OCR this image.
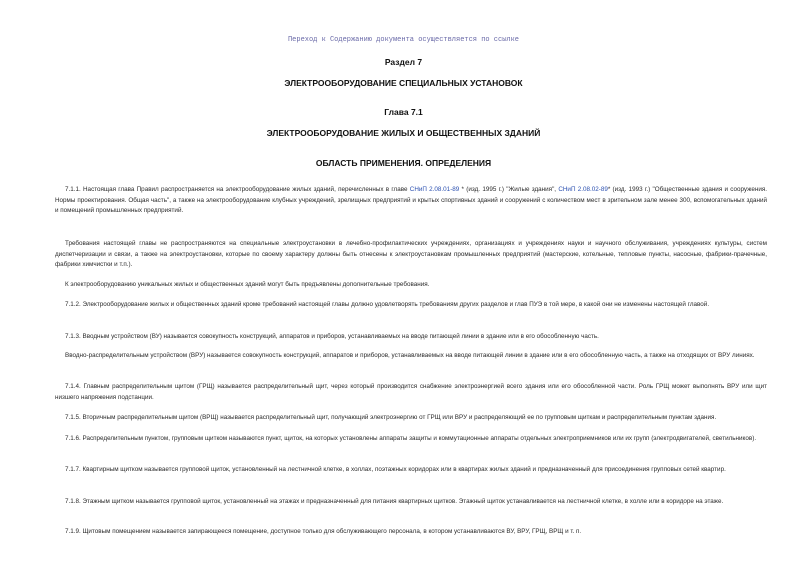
Переход к Содержанию документа осуществляется по ссылке
Раздел 7
ЭЛЕКТРООБОРУДОВАНИЕ СПЕЦИАЛЬНЫХ УСТАНОВОК
Глава 7.1
ЭЛЕКТРООБОРУДОВАНИЕ ЖИЛЫХ И ОБЩЕСТВЕННЫХ ЗДАНИЙ
ОБЛАСТЬ ПРИМЕНЕНИЯ. ОПРЕДЕЛЕНИЯ
7.1.1. Настоящая глава Правил распространяется на электрооборудование жилых зданий, перечисленных в главе СНиП 2.08.01-89 * (изд. 1995 г.) "Жилые здания", СНиП 2.08.02-89* (изд. 1993 г.) "Общественные здания и сооружения. Нормы проектирования. Общая часть", а также на электрооборудование клубных учреждений, зрелищных предприятий и крытых спортивных зданий и сооружений с количеством мест в зрительном зале менее 300, вспомогательных зданий и помещений промышленных предприятий.
Требования настоящей главы не распространяются на специальные электроустановки в лечебно-профилактических учреждениях, организациях и учреждениях науки и научного обслуживания, учреждениях культуры, систем диспетчеризации и связи, а также на электроустановки, которые по своему характеру должны быть отнесены к электроустановкам промышленных предприятий (мастерские, котельные, тепловые пункты, насосные, фабрики-прачечные, фабрики химчистки и т.п.).
К электрооборудованию уникальных жилых и общественных зданий могут быть предъявлены дополнительные требования.
7.1.2. Электрооборудование жилых и общественных зданий кроме требований настоящей главы должно удовлетворять требованиям других разделов и глав ПУЭ в той мере, в какой они не изменены настоящей главой.
7.1.3. Вводным устройством (ВУ) называется совокупность конструкций, аппаратов и приборов, устанавливаемых на вводе питающей линии в здание или в его обособленную часть.
Вводно-распределительным устройством (ВРУ) называется совокупность конструкций, аппаратов и приборов, устанавливаемых на вводе питающей линии в здание или в его обособленную часть, а также на отходящих от ВРУ линиях.
7.1.4. Главным распределительным щитом (ГРЩ) называется распределительный щит, через который производится снабжение электроэнергией всего здания или его обособленной части. Роль ГРЩ может выполнять ВРУ или щит низшего напряжения подстанции.
7.1.5. Вторичным распределительным щитом (ВРЩ) называется распределительный щит, получающий электроэнергию от ГРЩ или ВРУ и распределяющий ее по групповым щиткам и распределительным пунктам здания.
7.1.6. Распределительным пунктом, групповым щитком называются пункт, щиток, на которых установлены аппараты защиты и коммутационные аппараты отдельных электроприемников или их групп (электродвигателей, светильников).
7.1.7. Квартирным щитком называется групповой щиток, установленный на лестничной клетке, в холлах, поэтажных коридорах или в квартирах жилых зданий и предназначенный для присоединения групповых сетей квартир.
7.1.8. Этажным щитком называется групповой щиток, установленный на этажах и предназначенный для питания квартирных щитков. Этажный щиток устанавливается на лестничной клетке, в холле или в коридоре на этаже.
7.1.9. Щитовым помещением называется запирающееся помещение, доступное только для обслуживающего персонала, в котором устанавливаются ВУ, ВРУ, ГРЩ, ВРЩ и т. п.
